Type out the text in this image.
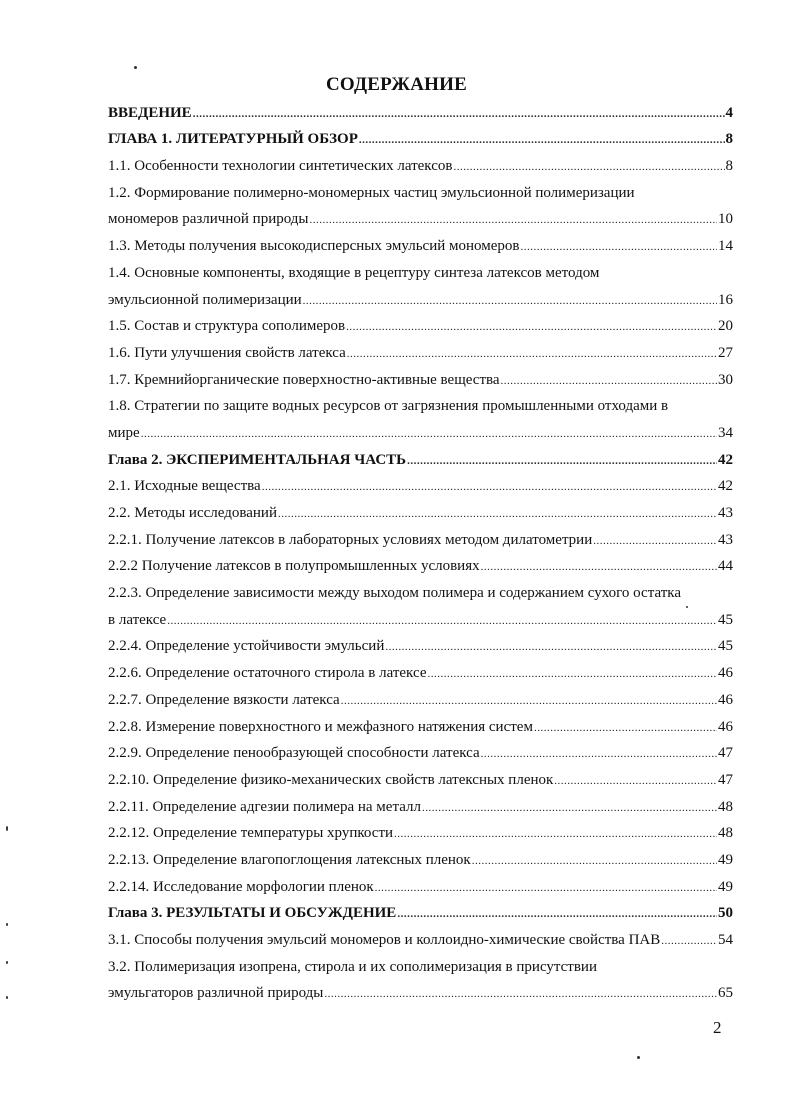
СОДЕРЖАНИЕ
ВВЕДЕНИЕ .....	4
ГЛАВА 1. ЛИТЕРАТУРНЫЙ ОБЗОР .....	8
1.1. Особенности технологии синтетических латексов .....	8
1.2. Формирование полимерно-мономерных частиц эмульсионной полимеризации
мономеров различной природы .....	10
1.3. Методы получения высокодисперсных эмульсий мономеров .....	14
1.4. Основные компоненты, входящие в рецептуру синтеза латексов методом
эмульсионной полимеризации .....	16
1.5. Состав и структура сополимеров .....	20
1.6. Пути улучшения свойств латекса .....	27
1.7. Кремнийорганические поверхностно-активные вещества .....	30
1.8. Стратегии по защите водных ресурсов от загрязнения промышленными отходами в
мире .....	34
Глава 2. ЭКСПЕРИМЕНТАЛЬНАЯ ЧАСТЬ .....	42
2.1. Исходные вещества .....	42
2.2. Методы исследований .....	43
2.2.1. Получение латексов в лабораторных условиях методом дилатометрии .....	43
2.2.2 Получение латексов в полупромышленных условиях .....	44
2.2.3. Определение зависимости между выходом полимера и содержанием сухого остатка
в латексе .....	45
2.2.4. Определение устойчивости эмульсий .....	45
2.2.6. Определение остаточного стирола в латексе .....	46
2.2.7. Определение вязкости латекса .....	46
2.2.8. Измерение поверхностного и межфазного натяжения систем .....	46
2.2.9. Определение пенообразующей способности латекса .....	47
2.2.10. Определение физико-механических свойств латексных пленок .....	47
2.2.11. Определение адгезии полимера на металл .....	48
2.2.12. Определение температуры хрупкости .....	48
2.2.13. Определение влагопоглощения латексных пленок .....	49
2.2.14. Исследование морфологии пленок .....	49
Глава 3. РЕЗУЛЬТАТЫ И ОБСУЖДЕНИЕ .....	50
3.1. Способы получения эмульсий мономеров и коллоидно-химические свойства ПАВ .....	54
3.2. Полимеризация изопрена, стирола и их сополимеризация в присутствии
эмульгаторов различной природы .....	65
2
